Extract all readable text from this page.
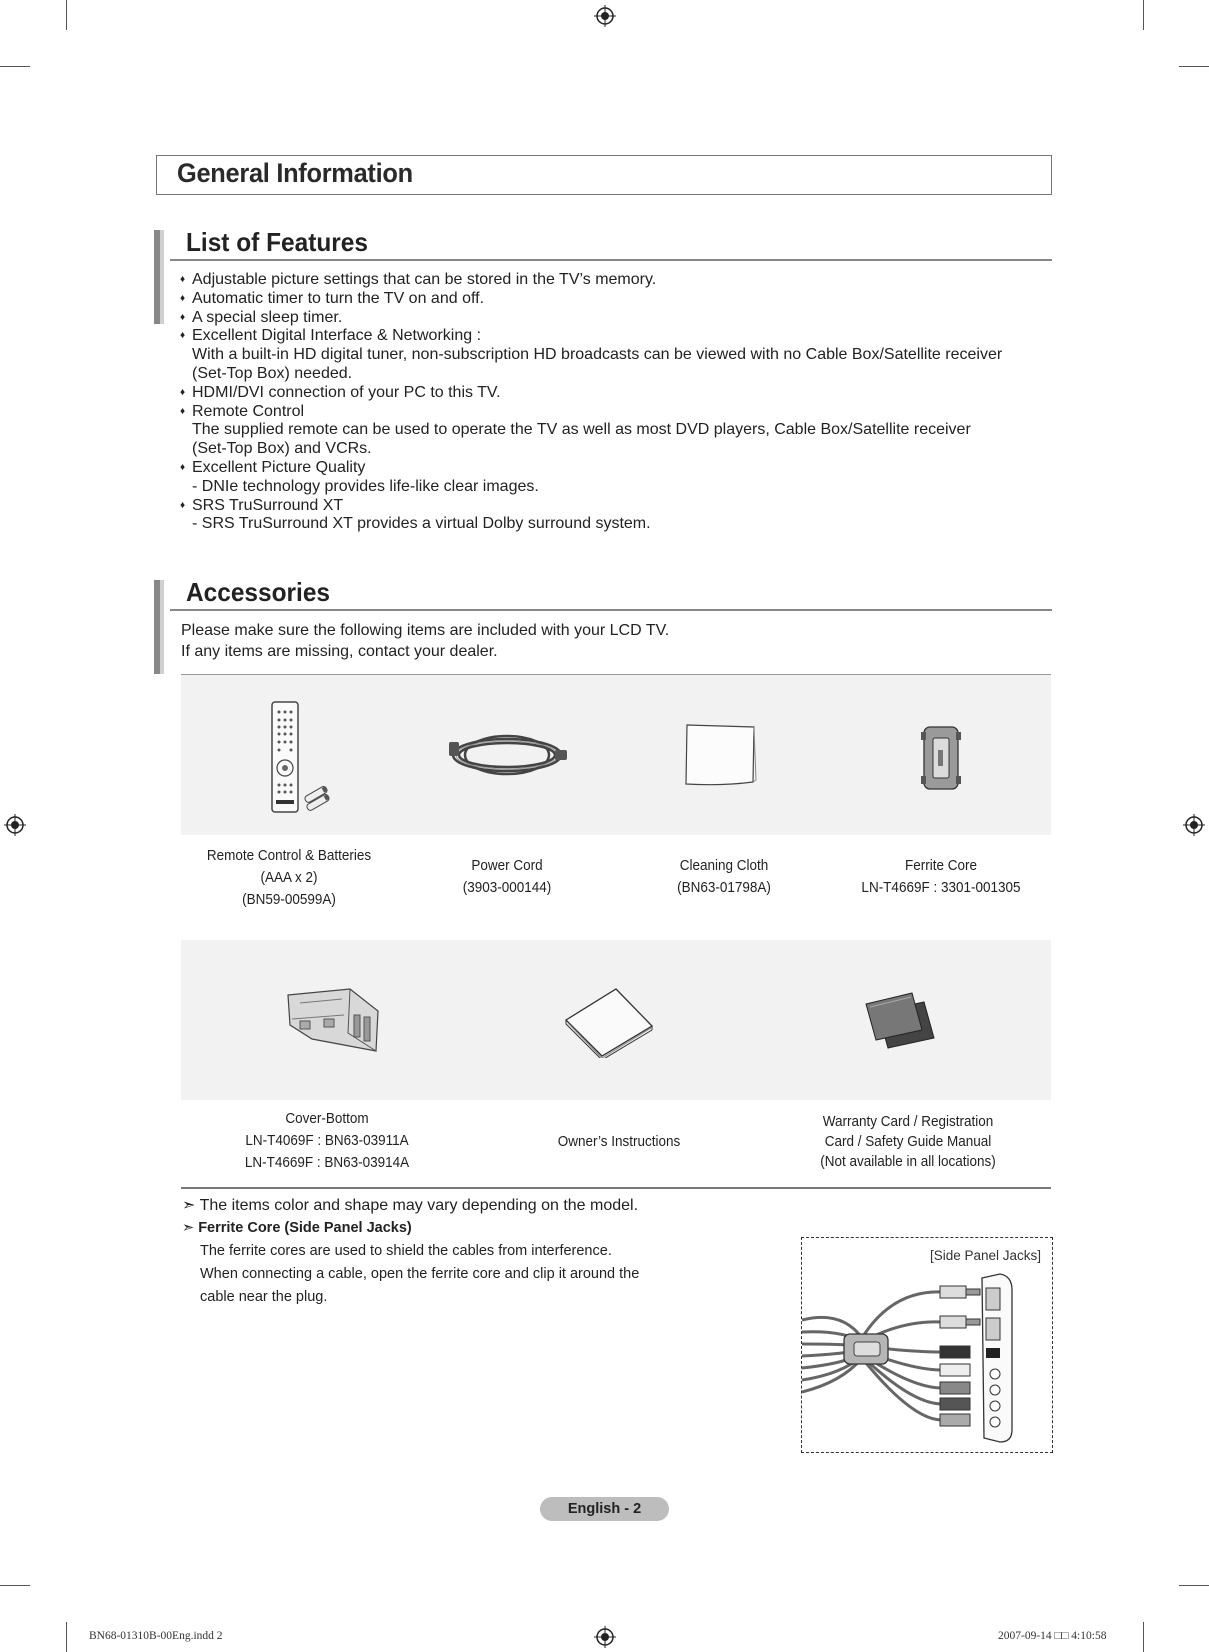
General Information
List of Features
♦ Adjustable picture settings that can be stored in the TV’s memory.
♦ Automatic timer to turn the TV on and off.
♦ A special sleep timer.
♦ Excellent Digital Interface & Networking :
With a built-in HD digital tuner, non-subscription HD broadcasts can be viewed with no Cable Box/Satellite receiver
(Set-Top Box) needed.
♦ HDMI/DVI connection of your PC to this TV.
♦ Remote Control
The supplied remote can be used to operate the TV as well as most DVD players, Cable Box/Satellite receiver
(Set-Top Box) and VCRs.
♦ Excellent Picture Quality
- DNIe technology provides life-like clear images.
♦ SRS TruSurround XT
- SRS TruSurround XT provides a virtual Dolby surround system.
Accessories
Please make sure the following items are included with your LCD TV.
If any items are missing, contact your dealer.
Remote Control & Batteries
(AAA x 2)
(BN59-00599A)
Power Cord
(3903-000144)
Cleaning Cloth
(BN63-01798A)
Ferrite Core
LN-T4669F : 3301-001305
Cover-Bottom
LN-T4069F : BN63-03911A
LN-T4669F : BN63-03914A
Owner’s Instructions
Warranty Card / Registration
Card / Safety Guide Manual
(Not available in all locations)
➣ The items color and shape may vary depending on the model.
➣ Ferrite Core (Side Panel Jacks)
The ferrite cores are used to shield the cables from interference.
When connecting a cable, open the ferrite core and clip it around the
cable near the plug.
[Side Panel Jacks]
English - 2
BN68-01310B-00Eng.indd 2	2007-09-14 □□ 4:10:58
